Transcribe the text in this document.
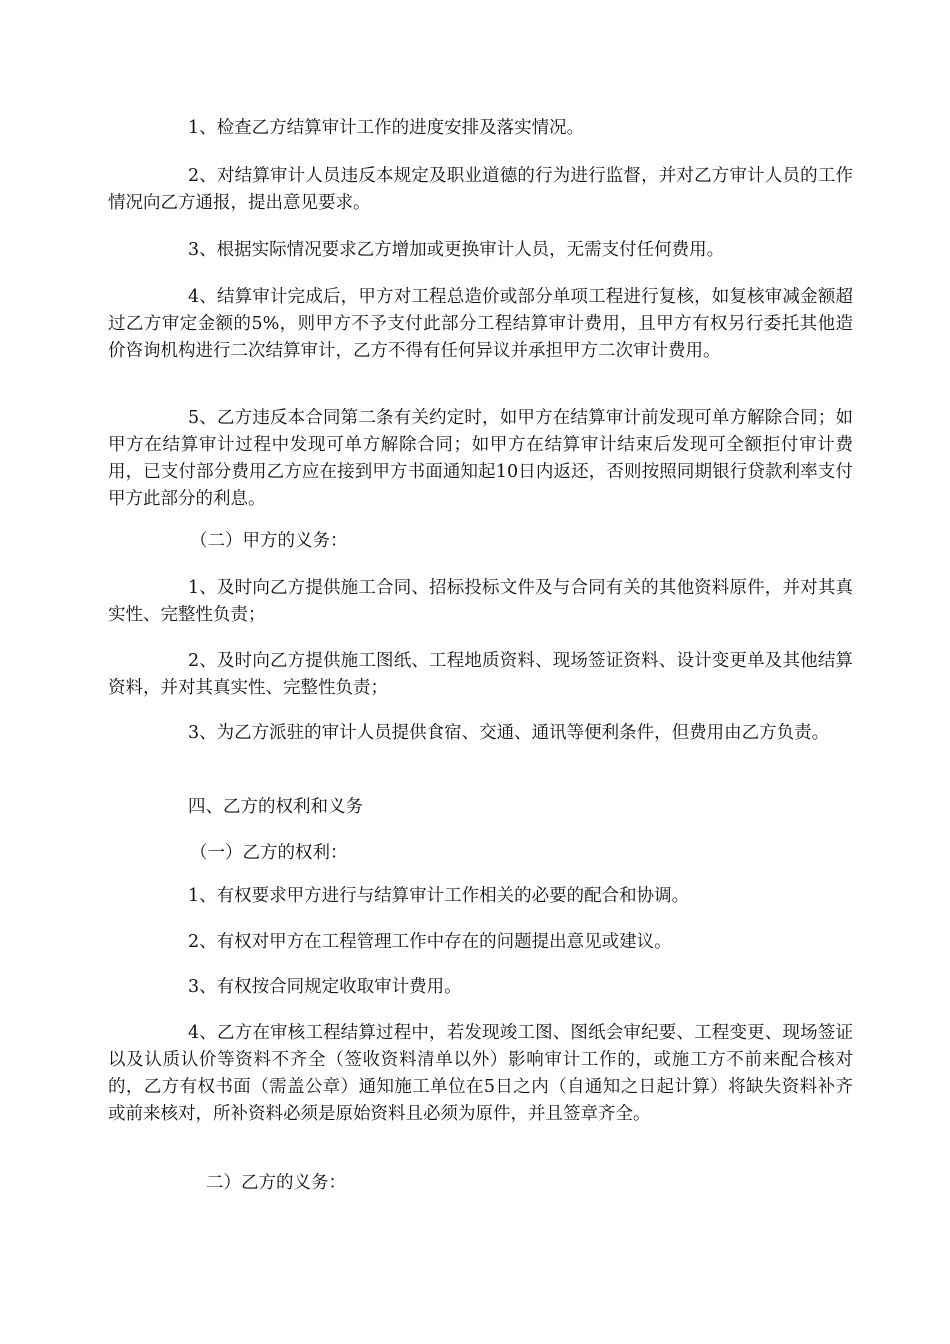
1、检查乙方结算审计工作的进度安排及落实情况。

2、对结算审计人员违反本规定及职业道德的行为进行监督，并对乙方审计人员的工作情况向乙方通报，提出意见要求。

3、根据实际情况要求乙方增加或更换审计人员，无需支付任何费用。

4、结算审计完成后，甲方对工程总造价或部分单项工程进行复核，如复核审减金额超过乙方审定金额的5%，则甲方不予支付此部分工程结算审计费用，且甲方有权另行委托其他造价咨询机构进行二次结算审计，乙方不得有任何异议并承担甲方二次审计费用。

5、乙方违反本合同第二条有关约定时，如甲方在结算审计前发现可单方解除合同；如甲方在结算审计过程中发现可单方解除合同；如甲方在结算审计结束后发现可全额拒付审计费用，已支付部分费用乙方应在接到甲方书面通知起10日内返还，否则按照同期银行贷款利率支付甲方此部分的利息。

（二）甲方的义务：

1、及时向乙方提供施工合同、招标投标文件及与合同有关的其他资料原件，并对其真实性、完整性负责；

2、及时向乙方提供施工图纸、工程地质资料、现场签证资料、设计变更单及其他结算资料，并对其真实性、完整性负责；

3、为乙方派驻的审计人员提供食宿、交通、通讯等便利条件，但费用由乙方负责。

四、乙方的权利和义务

（一）乙方的权利：

1、有权要求甲方进行与结算审计工作相关的必要的配合和协调。

2、有权对甲方在工程管理工作中存在的问题提出意见或建议。

3、有权按合同规定收取审计费用。

4、乙方在审核工程结算过程中，若发现竣工图、图纸会审纪要、工程变更、现场签证以及认质认价等资料不齐全（签收资料清单以外）影响审计工作的，或施工方不前来配合核对的，乙方有权书面（需盖公章）通知施工单位在5日之内（自通知之日起计算）将缺失资料补齐或前来核对，所补资料必须是原始资料且必须为原件，并且签章齐全。

二）乙方的义务：
